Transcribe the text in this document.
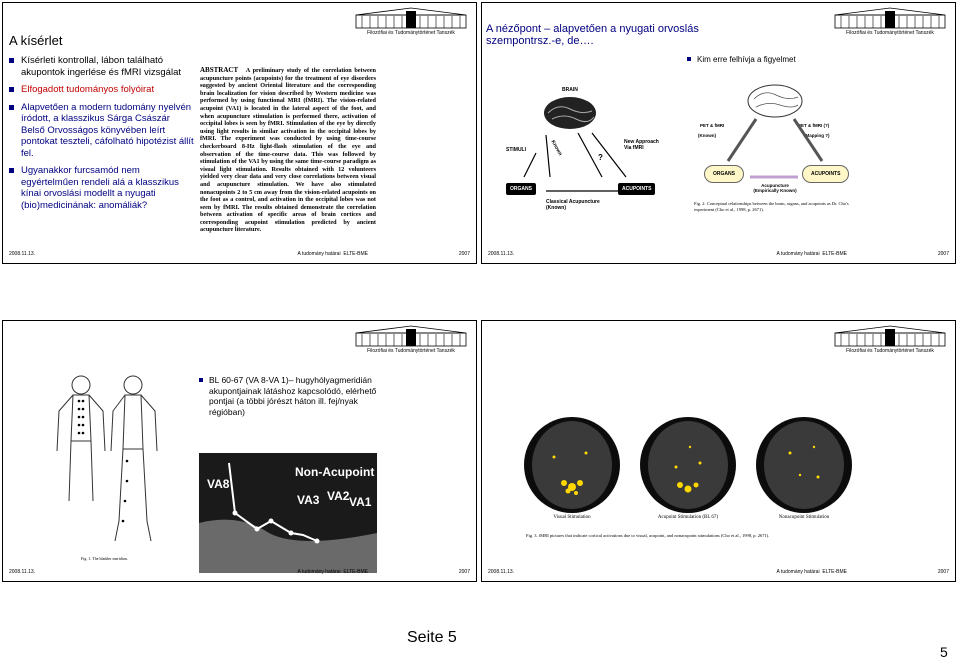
Filozófiai és Tudománytörténet Tanszék
A kísérlet
Kísérleti kontrollal, lábon található akupontok ingerlése és fMRI vizsgálat
Elfogadott tudományos folyóirat
Alapvetően a modern tudomány nyelvén íródott, a klasszikus Sárga Császár Belső Orvosságos könyvében leírt pontokat teszteli, cáfolható hipotézist állít fel.
Ugyanakkor furcsamód nem egyértelműen rendeli alá a klasszikus kínai orvoslási modellt a nyugati (bio)medicinának: anomáliák?
ABSTRACT A preliminary study of the correlation between acupuncture points (acupoints) for the treatment of eye disorders suggested by ancient Oriental literature and the corresponding brain localization for vision described by Western medicine was performed by using functional MRI (fMRI). The vision-related acupoint (VA1) is located in the lateral aspect of the foot, and when acupuncture stimulation is performed there, activation of occipital lobes is seen by fMRI. Stimulation of the eye by directly using light results in similar activation in the occipital lobes by fMRI. The experiment was conducted by using time-course checkerboard 8-Hz light-flash stimulation of the eye and observation of the time-course data. This was followed by stimulation of the VA1 by using the same time-course paradigm as visual light stimulation. Results obtained with 12 volunteers yielded very clear data and very close correlations between visual and acupuncture stimulation. We have also stimulated nonacupoints 2 to 5 cm away from the vision-related acupoints on the foot as a control, and activation in the occipital lobes was not seen by fMRI. The results obtained demonstrate the correlation between activation of specific areas of brain cortices and corresponding acupoint stimulation predicted by ancient acupuncture literature.
2008.11.13.	A tudomány határai ELTE-BME	2007
Filozófiai és Tudománytörténet Tanszék
A nézőpont – alapvetően a nyugati orvoslás szempontrsz.-e, de….
Kim erre felhívja a figyelmet
BRAIN
STIMULI	Known
?
New Approach Via fMRI
ORGANS	ACUPOINTS
Classical Acupuncture (Known)
PET & fMRI
(Known)
PET & fMRI (?)
(Mapping ?)
ORGANS	ACUPOINTS
Acupuncture (Empirically Known)
Fig. 2. Conceptual relationships between the brain, organs, and acupoints as Dr. Cho's experiment (Cho et al., 1998, p. 2671).
2008.11.13.	A tudomány határai ELTE-BME	2007
Filozófiai és Tudománytörténet Tanszék
Fig. 1. The bladder meridian.
BL 60-67 (VA 8-VA 1)– hugyhólyagmeridián akupontjainak látáshoz kapcsolódó, elérhető pontjai (a többi jórészt háton ill. fej/nyak régióban)
Non-Acupoint
VA8
VA3 VA2 VA1
2008.11.13.	A tudomány határai ELTE-BME	2007
Filozófiai és Tudománytörténet Tanszék
Visual Stimulation	Acupoint Stimulation (BL 67)	Nonacupoint Stimulation
Fig. 3. fMRI pictures that indicate cortical activations due to visual, acupoint, and nonacupoint stimulations (Cho et al., 1998, p. 2671).
2008.11.13.	A tudomány határai ELTE-BME	2007
Seite 5
5
